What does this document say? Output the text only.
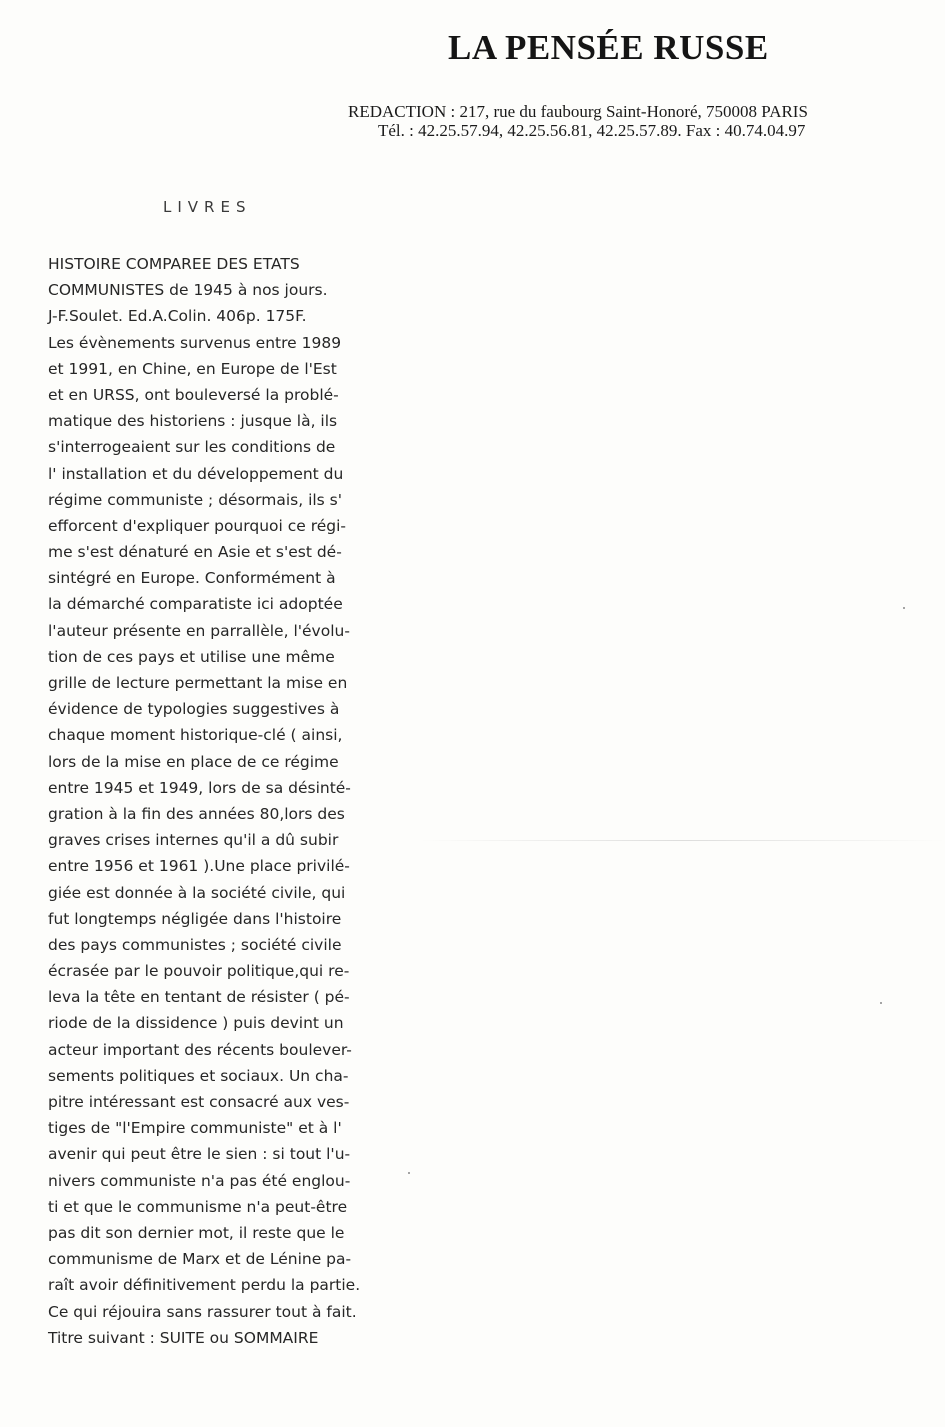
LA PENSÉE RUSSE
REDACTION : 217, rue du faubourg Saint-Honoré, 750008 PARIS
Tél. : 42.25.57.94, 42.25.56.81, 42.25.57.89. Fax : 40.74.04.97
LIVRES
HISTOIRE COMPAREE DES ETATS
COMMUNISTES de 1945 à nos jours.
J-F.Soulet. Ed.A.Colin. 406p. 175F.
Les évènements survenus entre 1989
et 1991, en Chine, en Europe de l'Est
et en URSS, ont bouleversé la problé-
matique des historiens : jusque là, ils
s'interrogeaient sur les conditions de
l' installation et du développement du
régime communiste ; désormais, ils s'
efforcent d'expliquer pourquoi ce régi-
me s'est dénaturé en Asie et s'est dé-
sintégré en Europe. Conformément à
la démarché comparatiste ici adoptée
l'auteur présente en parrallèle, l'évolu-
tion de ces pays et utilise une même
grille de lecture permettant la mise en
évidence de typologies suggestives à
chaque moment historique-clé ( ainsi,
lors de la mise en place de ce régime
entre 1945 et 1949, lors de sa désinté-
gration à la fin des années 80,lors des
graves crises internes qu'il a dû subir
entre 1956 et 1961 ).Une place privilé-
giée est donnée à la société civile, qui
fut longtemps négligée dans l'histoire
des pays communistes ; société civile
écrasée par le pouvoir politique,qui re-
leva la tête en tentant de résister ( pé-
riode de la dissidence ) puis devint un
acteur important des récents boulever-
sements politiques et sociaux. Un cha-
pitre intéressant est consacré aux ves-
tiges de "l'Empire communiste" et à l'
avenir qui peut être le sien : si tout l'u-
nivers communiste n'a pas été englou-
ti et que le communisme n'a peut-être
pas dit son dernier mot, il reste que le
communisme de Marx et de Lénine pa-
raît avoir définitivement perdu la partie.
Ce qui réjouira sans rassurer tout à fait.
Titre suivant : SUITE ou SOMMAIRE
